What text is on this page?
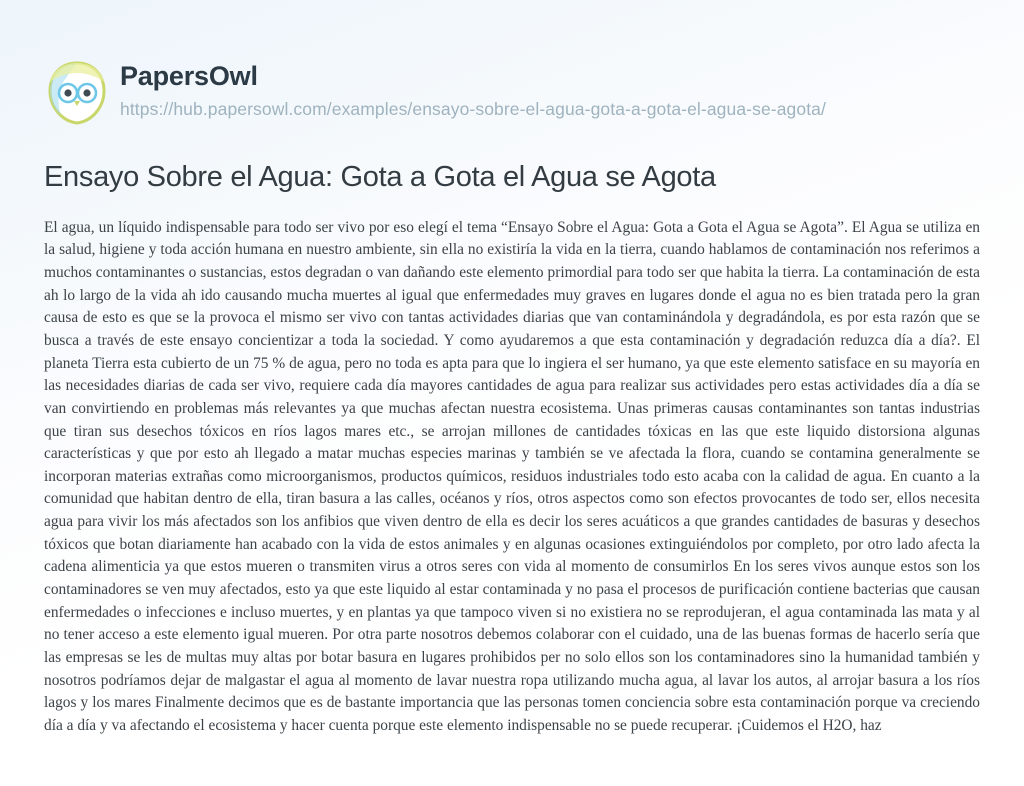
PapersOwl
https://hub.papersowl.com/examples/ensayo-sobre-el-agua-gota-a-gota-el-agua-se-agota/
Ensayo Sobre el Agua: Gota a Gota el Agua se Agota

El agua, un líquido indispensable para todo ser vivo por eso elegí el tema “Ensayo Sobre el Agua: Gota a Gota el Agua se Agota”. El Agua se utiliza en la salud, higiene y toda acción humana en nuestro ambiente, sin ella no existiría la vida en la tierra, cuando hablamos de contaminación nos referimos a muchos contaminantes o sustancias, estos degradan o van dañando este elemento primordial para todo ser que habita la tierra. La contaminación de esta ah lo largo de la vida ah ido causando mucha muertes al igual que enfermedades muy graves en lugares donde el agua no es bien tratada pero la gran causa de esto es que se la provoca el mismo ser vivo con tantas actividades diarias que van contaminándola y degradándola, es por esta razón que se busca a través de este ensayo concientizar a toda la sociedad. Y como ayudaremos a que esta contaminación y degradación reduzca día a día?. El planeta Tierra esta cubierto de un 75 % de agua, pero no toda es apta para que lo ingiera el ser humano, ya que este elemento satisface en su mayoría en las necesidades diarias de cada ser vivo, requiere cada día mayores cantidades de agua para realizar sus actividades pero estas actividades día a día se van convirtiendo en problemas más relevantes ya que muchas afectan nuestra ecosistema. Unas primeras causas contaminantes son tantas industrias que tiran sus desechos tóxicos en ríos lagos mares etc., se arrojan millones de cantidades tóxicas en las que este liquido distorsiona algunas características y que por esto ah llegado a matar muchas especies marinas y también se ve afectada la flora, cuando se contamina generalmente se incorporan materias extrañas como microorganismos, productos químicos, residuos industriales todo esto acaba con la calidad de agua. En cuanto a la comunidad que habitan dentro de ella, tiran basura a las calles, océanos y ríos, otros aspectos como son efectos provocantes de todo ser, ellos necesita agua para vivir los más afectados son los anfibios que viven dentro de ella es decir los seres acuáticos a que grandes cantidades de basuras y desechos tóxicos que botan diariamente han acabado con la vida de estos animales y en algunas ocasiones extinguiéndolos por completo, por otro lado afecta la cadena alimenticia ya que estos mueren o transmiten virus a otros seres con vida al momento de consumirlos En los seres vivos aunque estos son los contaminadores se ven muy afectados, esto ya que este liquido al estar contaminada y no pasa el procesos de purificación contiene bacterias que causan enfermedades o infecciones e incluso muertes, y en plantas ya que tampoco viven si no existiera no se reprodujeran, el agua contaminada las mata y al no tener acceso a este elemento igual mueren. Por otra parte nosotros debemos colaborar con el cuidado, una de las buenas formas de hacerlo sería que las empresas se les de multas muy altas por botar basura en lugares prohibidos per no solo ellos son los contaminadores sino la humanidad también y nosotros podríamos dejar de malgastar el agua al momento de lavar nuestra ropa utilizando mucha agua, al lavar los autos, al arrojar basura a los ríos lagos y los mares Finalmente decimos que es de bastante importancia que las personas tomen conciencia sobre esta contaminación porque va creciendo día a día y va afectando el ecosistema y hacer cuenta porque este elemento indispensable no se puede recuperar. ¡Cuidemos el H2O, haz
